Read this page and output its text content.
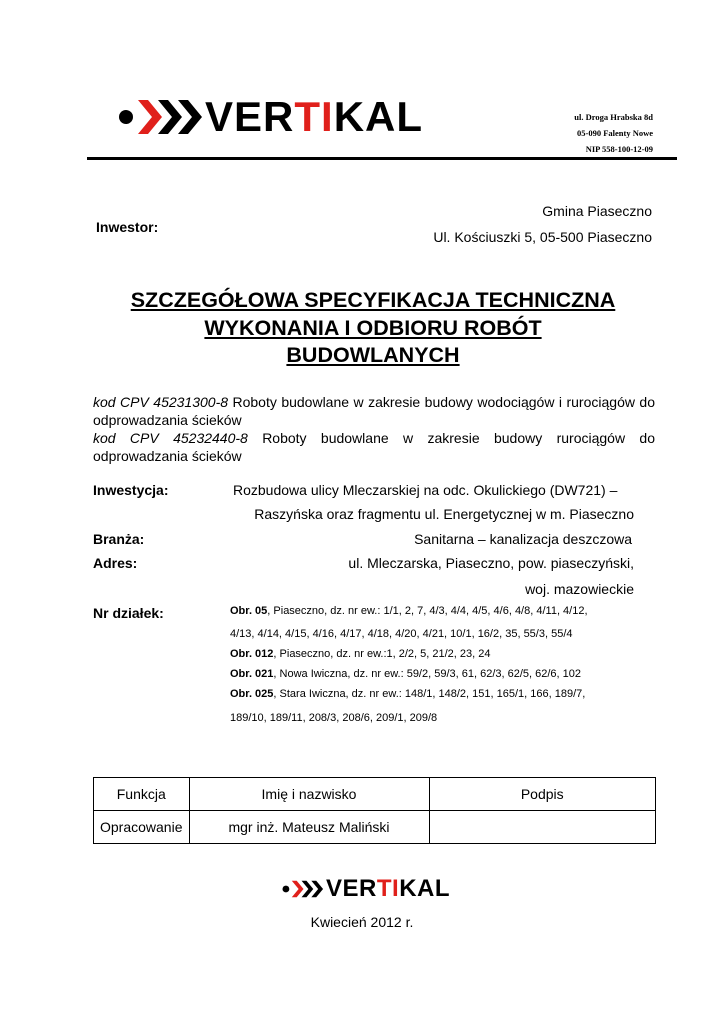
VERTIKAL	ul. Droga Hrabska 8d
05-090 Falenty Nowe
NIP 558-100-12-09
Inwestor:
Gmina Piaseczno
Ul. Kościuszki 5, 05-500 Piaseczno
SZCZEGÓŁOWA SPECYFIKACJA TECHNICZNA
WYKONANIA I ODBIORU ROBÓT
BUDOWLANYCH
kod CPV 45231300-8 Roboty budowlane w zakresie budowy wodociągów i rurociągów do odprowadzania ścieków
kod CPV 45232440-8 Roboty budowlane w zakresie budowy rurociągów do odprowadzania ścieków
Inwestycja:	Rozbudowa ulicy Mleczarskiej na odc. Okulickiego (DW721) –
Raszyńska oraz fragmentu ul. Energetycznej w m. Piaseczno
Branża:	Sanitarna – kanalizacja deszczowa
Adres:	ul. Mleczarska, Piaseczno, pow. piaseczyński,
woj. mazowieckie
Nr działek:	Obr. 05, Piaseczno, dz. nr ew.: 1/1, 2, 7, 4/3, 4/4, 4/5, 4/6, 4/8, 4/11, 4/12,
4/13, 4/14, 4/15, 4/16, 4/17, 4/18, 4/20, 4/21, 10/1, 16/2, 35, 55/3, 55/4
Obr. 012, Piaseczno, dz. nr ew.:1, 2/2, 5, 21/2, 23, 24
Obr. 021, Nowa Iwiczna, dz. nr ew.: 59/2, 59/3, 61, 62/3, 62/5, 62/6, 102
Obr. 025, Stara Iwiczna, dz. nr ew.: 148/1, 148/2, 151, 165/1, 166, 189/7,
189/10, 189/11, 208/3, 208/6, 209/1, 209/8
Funkcja	Imię i nazwisko	Podpis
Opracowanie	mgr inż. Mateusz Maliński	
VERTIKAL
Kwiecień 2012 r.
